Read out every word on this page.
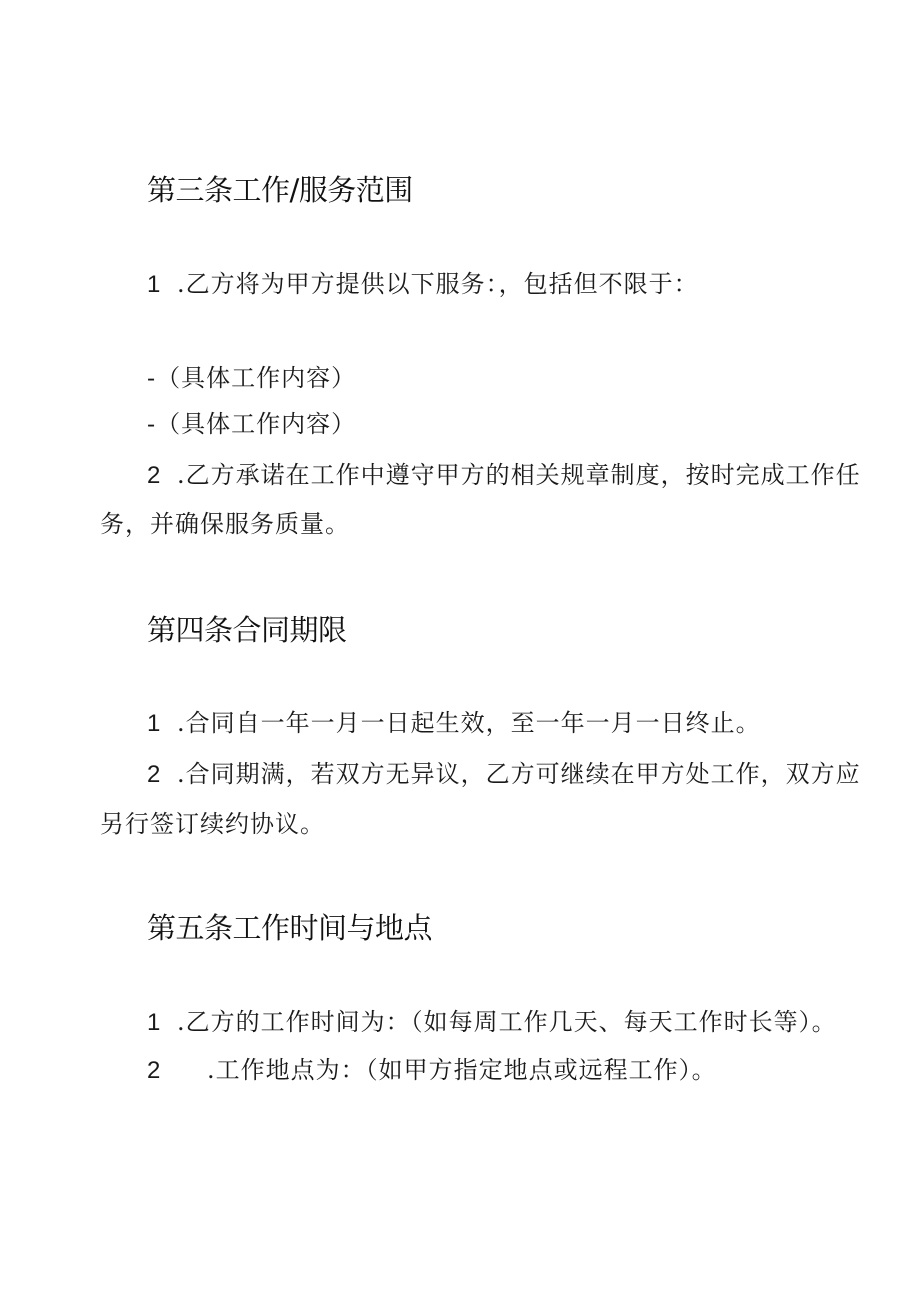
第三条工作/服务范围
1 .乙方将为甲方提供以下服务：，包括但不限于：
-（具体工作内容）
-（具体工作内容）
2 .乙方承诺在工作中遵守甲方的相关规章制度，按时完成工作任
务，并确保服务质量。
第四条合同期限
1 .合同自一年一月一日起生效，至一年一月一日终止。
2 .合同期满，若双方无异议，乙方可继续在甲方处工作，双方应
另行签订续约协议。
第五条工作时间与地点
1 .乙方的工作时间为：（如每周工作几天、每天工作时长等）。
2 .工作地点为：（如甲方指定地点或远程工作）。
